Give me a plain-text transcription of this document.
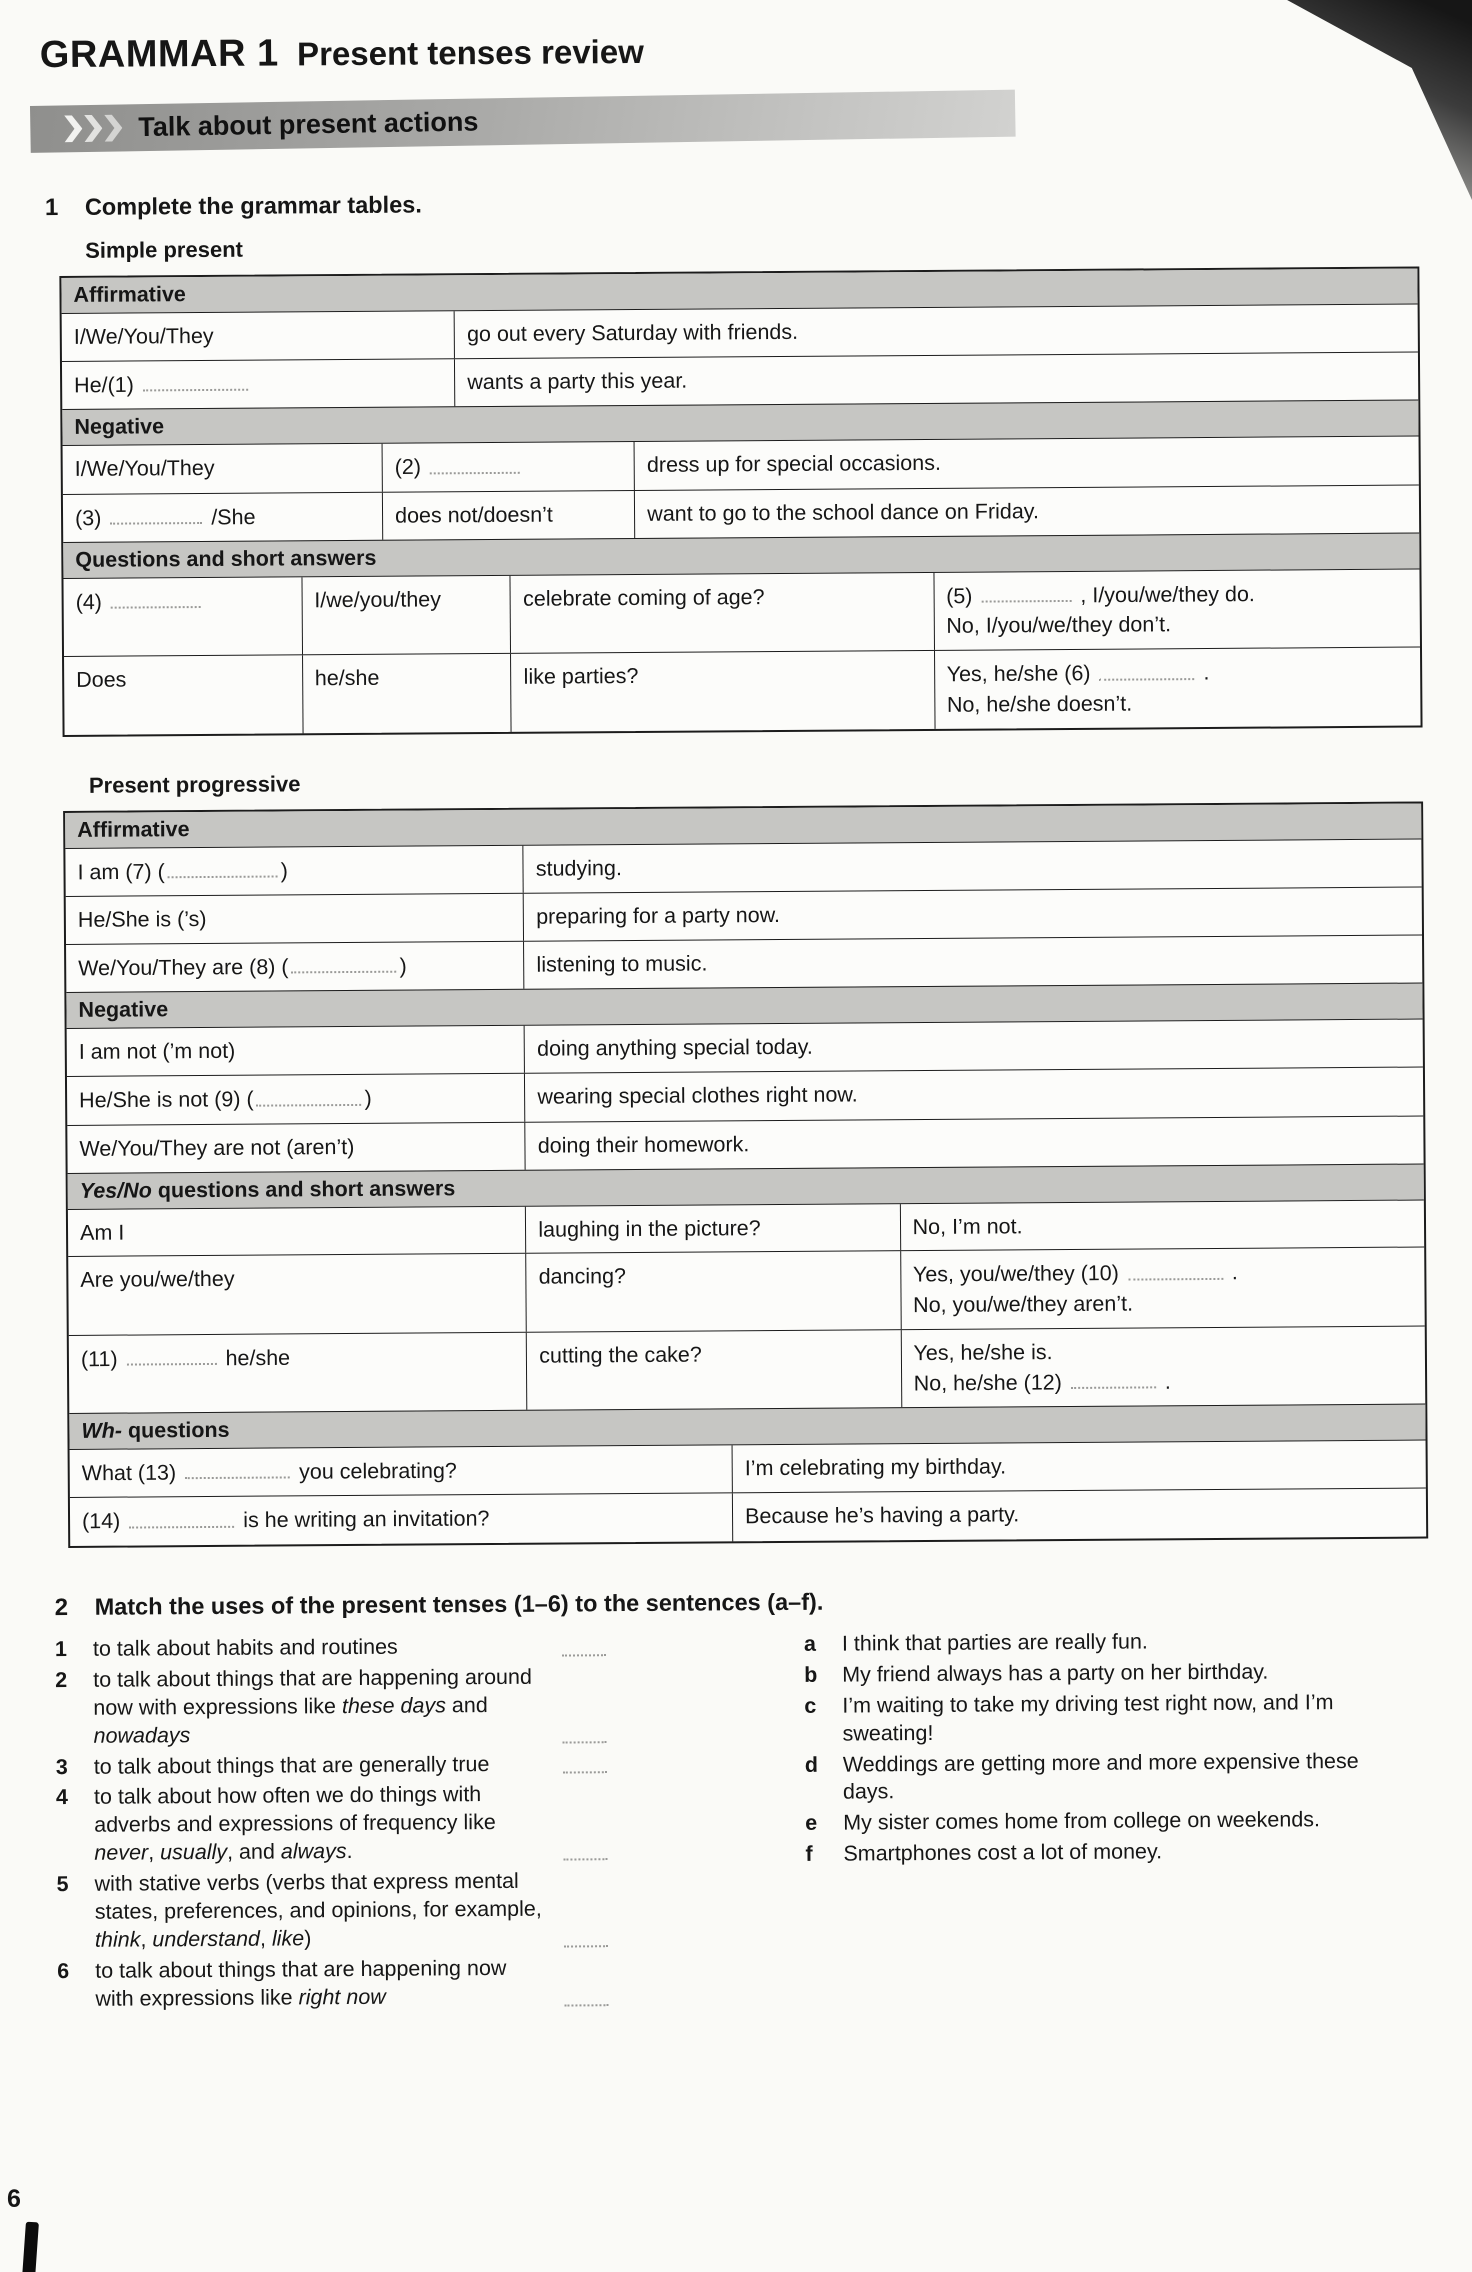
GRAMMAR 1 Present tenses review
Talk about present actions
1	Complete the grammar tables.
Simple present
Affirmative
I/We/You/They	go out every Saturday with friends.
He/(1)	wants a party this year.
Negative
I/We/You/They	(2)	dress up for special occasions.
(3)	/She	does not/doesn’t	want to go to the school dance on Friday.
Questions and short answers
(4)	I/we/you/they	celebrate coming of age?	(5)	, I/you/we/they do.
No, I/you/we/they don’t.
Does	he/she	like parties?	Yes, he/she (6)	.
No, he/she doesn’t.
Present progressive
Affirmative
I am (7) (	)	studying.
He/She is (’s)	preparing for a party now.
We/You/They are (8) (	)	listening to music.
Negative
I am not (’m not)	doing anything special today.
He/She is not (9) (	)	wearing special clothes right now.
We/You/They are not (aren’t)	doing their homework.
Yes/No questions and short answers
Am I	laughing in the picture?	No, I’m not.
Are you/we/they	dancing?	Yes, you/we/they (10)	.
No, you/we/they aren’t.
(11)	he/she	cutting the cake?	Yes, he/she is.
No, he/she (12)	.
Wh- questions
What (13)	you celebrating?	I’m celebrating my birthday.
(14)	is he writing an invitation?	Because he’s having a party.
2	Match the uses of the present tenses (1–6) to the sentences (a–f).
1	to talk about habits and routines
2	to talk about things that are happening around now with expressions like these days and nowadays
3	to talk about things that are generally true
4	to talk about how often we do things with adverbs and expressions of frequency like never, usually, and always.
5	with stative verbs (verbs that express mental states, preferences, and opinions, for example, think, understand, like)
6	to talk about things that are happening now with expressions like right now
a	I think that parties are really fun.
b	My friend always has a party on her birthday.
c	I’m waiting to take my driving test right now, and I’m sweating!
d	Weddings are getting more and more expensive these days.
e	My sister comes home from college on weekends.
f	Smartphones cost a lot of money.
6
